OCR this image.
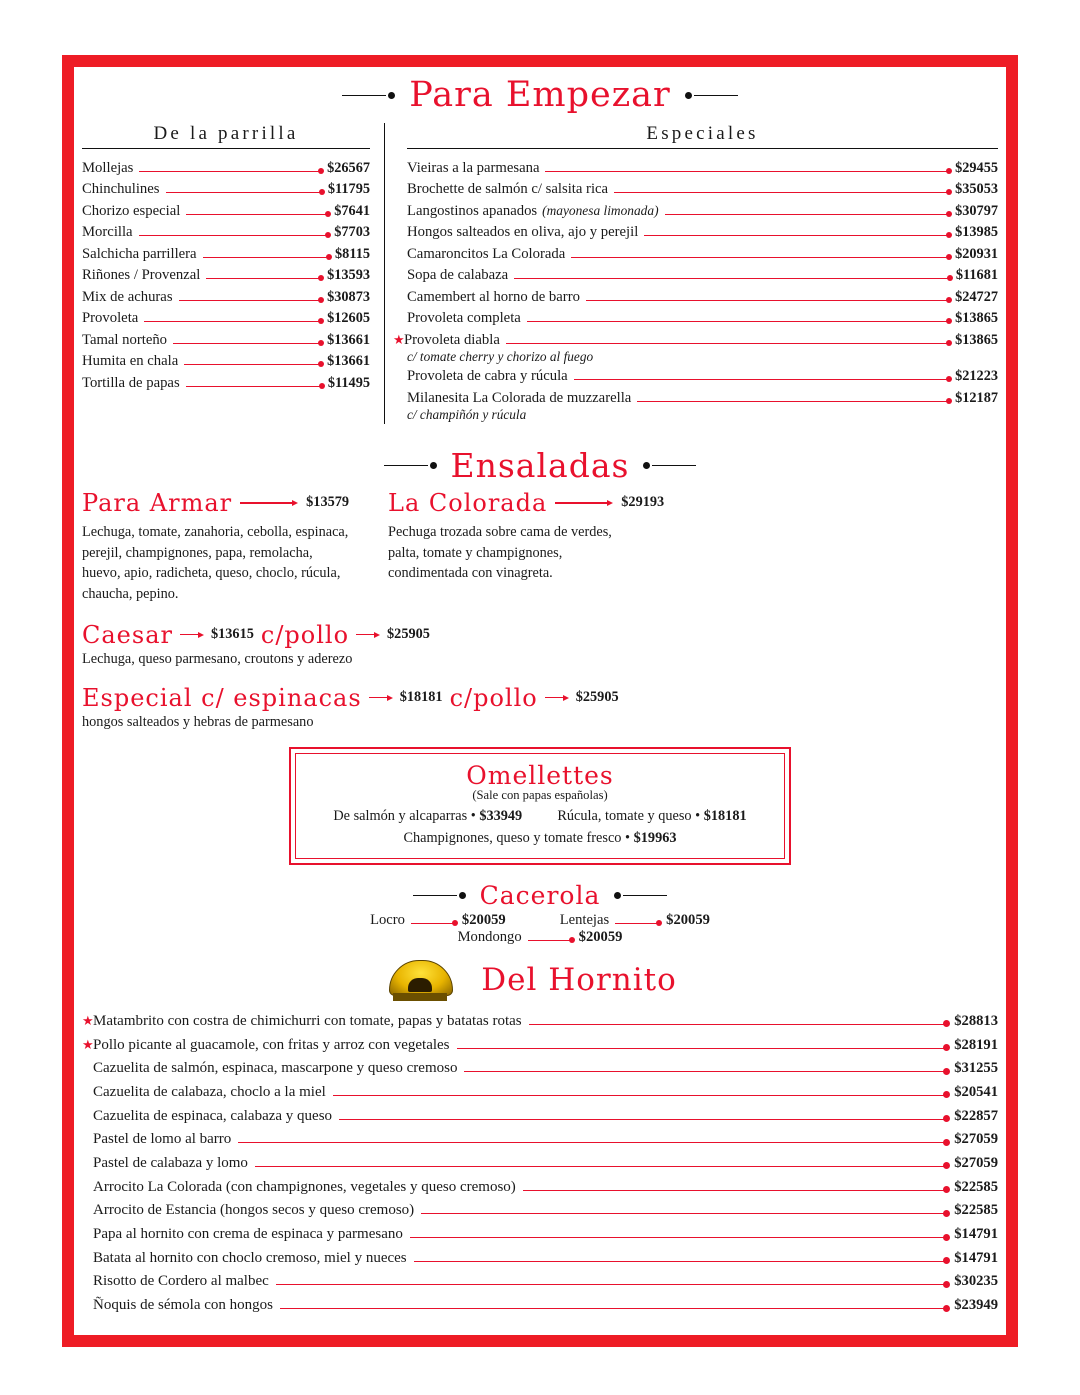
Para Empezar
De la parrilla
Mollejas	$26567
Chinchulines	$11795
Chorizo especial	$7641
Morcilla	$7703
Salchicha parrillera	$8115
Riñones / Provenzal	$13593
Mix de achuras	$30873
Provoleta	$12605
Tamal norteño	$13661
Humita en chala	$13661
Tortilla de papas	$11495
Especiales
Vieiras a la parmesana	$29455
Brochette de salmón c/ salsita rica	$35053
Langostinos apanados (mayonesa limonada)	$30797
Hongos salteados en oliva, ajo y perejil	$13985
Camaroncitos La Colorada	$20931
Sopa de calabaza	$11681
Camembert al horno de barro	$24727
Provoleta completa	$13865
★ Provoleta diabla	$13865
c/ tomate cherry y chorizo al fuego
Provoleta de cabra y rúcula	$21223
Milanesita La Colorada de muzzarella	$12187
c/ champiñón y rúcula
Ensaladas
Para Armar	$13579
Lechuga, tomate, zanahoria, cebolla, espinaca, perejil, champignones, papa, remolacha, huevo, apio, radicheta, queso, choclo, rúcula, chaucha, pepino.
La Colorada	$29193
Pechuga trozada sobre cama de verdes, palta, tomate y champignones, condimentada con vinagreta.
Caesar	$13615 c/pollo	$25905
Lechuga, queso parmesano, croutons y aderezo
Especial c/ espinacas	$18181 c/pollo	$25905
hongos salteados y hebras de parmesano
Omellettes
(Sale con papas españolas)
De salmón y alcaparras • $33949 Rúcula, tomate y queso • $18181
Champignones, queso y tomate fresco • $19963
Cacerola
Locro	$20059	Lentejas	$20059
Mondongo	$20059
Del Hornito
★ Matambrito con costra de chimichurri con tomate, papas y batatas rotas	$28813
★ Pollo picante al guacamole, con fritas y arroz con vegetales	$28191
Cazuelita de salmón, espinaca, mascarpone y queso cremoso	$31255
Cazuelita de calabaza, choclo a la miel	$20541
Cazuelita de espinaca, calabaza y queso	$22857
Pastel de lomo al barro	$27059
Pastel de calabaza y lomo	$27059
Arrocito La Colorada (con champignones, vegetales y queso cremoso)	$22585
Arrocito de Estancia (hongos secos y queso cremoso)	$22585
Papa al hornito con crema de espinaca y parmesano	$14791
Batata al hornito con choclo cremoso, miel y nueces	$14791
Risotto de Cordero al malbec	$30235
Ñoquis de sémola con hongos	$23949
